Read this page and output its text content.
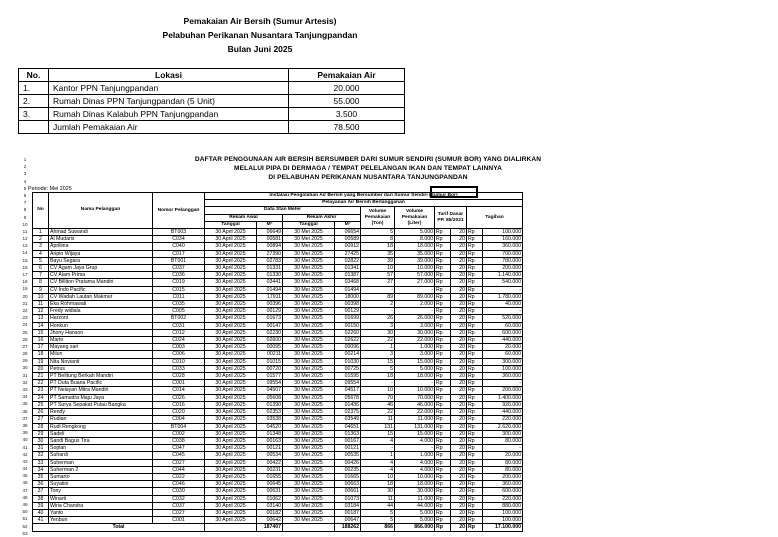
Pemakaian Air Bersih (Sumur Artesis)
Pelabuhan Perikanan Nusantara Tanjungpandan
Bulan Juni 2025
No.	Lokasi	Pemakaian Air
1.	Kantor PPN Tanjungpandan	20.000
2.	Rumah Dinas PPN Tanjungpandan (5 Unit)	55.000
3.	Rumah Dinas Kalabuh PPN Tanjungpandan	3.500
	Jumlah Pemakaian Air	78.500
1
2
3
4
5
6
7
8
9
10
11
12
13
14
15
16
17
18
19
20
21
22
23
24
25
26
27
28
29
30
31
32
33
34
35
36
37
38
39
40
41
42
43
44
45
46
47
48
49
50
51
52
53
DAFTAR PENGGUNAAN AIR BERSIH BERSUMBER DARI SUMUR SENDIRI (SUMUR BOR) YANG DIALIRKAN
MELALUI PIPA DI DERMAGA / TEMPAT PELELANGAN IKAN DAN TEMPAT LAINNYA
DI PELABUHAN PERIKANAN NUSANTARA TANJUNGPANDAN
Periode: Mei 2025
No	Nama Pelanggan	Nomor Pelanggan	Instalasi Pengolahan Air Bersih yang Bersumber dari Sumur Sendiri (Sumur Bor)									
			Pelayanan Air Bersih Berlangganan									
			Data Stan Meter				Volume Pemakaian (Ton)	Volume Pemakaian (Liter)	Tarif Dasar PP. 85/2021		Tagihan	
			Rekam Awal		Rekam Akhir							
			Tanggal	M³	Tanggal	M³						
1	Ahmad Suwandi	BT003	30 April 2025	06649	30 Mei 2025	06654	5	5.000	Rp	20	Rp	100.000
2	Al Mudaris	C034	30 April 2025	00581	30 Mei 2025	00589	8	8.000	Rp	20	Rp	160.000
3	Apriliina	C040	30 April 2025	00894	30 Mei 2025	00912	18	18.000	Rp	20	Rp	360.000
4	Aripin Wijaya	C017	30 April 2025	27390	30 Mei 2025	27425	35	35.000	Rp	20	Rp	700.000
5	Bayu Segara	BT001	30 April 2025	02783	30 Mei 2025	02822	39	39.000	Rp	20	Rp	780.000
6	CV Agam Jaya Grup	C037	30 April 2025	01331	30 Mei 2025	01341	10	10.000	Rp	20	Rp	200.000
7	CV Alam Prima	C036	30 April 2025	01330	30 Mei 2025	01387	57	57.000	Rp	20	Rp	1.140.000
8	CV Billiton Pratama Mandiri	C019	30 April 2025	03441	30 Mei 2025	03468	27	27.000	Rp	20	Rp	540.000
9	CV Indo Pacific	C015	30 April 2025	01494	30 Mei 2025	01494	-	-	Rp	20	Rp	-
10	CV Wadah Lautan Makmur	C011	30 April 2025	17911	30 Mei 2025	18000	89	89.000	Rp	20	Rp	1.780.000
11	Eka Rohmawati	C035	30 April 2025	00396	30 Mei 2025	00398	2	2.000	Rp	20	Rp	40.000
12	Fredy widiala	C005	30 April 2025	00129	30 Mei 2025	00129	-	-	Rp	20	Rp	-
13	Harzoni	BT002	30 April 2025	01673	30 Mei 2025	01699	26	26.000	Rp	20	Rp	520.000
14	Honkun	C031	30 April 2025	00147	30 Mei 2025	00150	3	3.000	Rp	20	Rp	60.000
15	Jhony Hanson	C012	30 April 2025	02230	30 Mei 2025	02260	30	30.000	Rp	20	Rp	600.000
16	Marto	C024	30 April 2025	02600	30 Mei 2025	02622	22	22.000	Rp	20	Rp	440.000
17	Mayang sari	C003	30 April 2025	00095	30 Mei 2025	00096	1	1.000	Rp	20	Rp	20.000
18	Milun	C006	30 April 2025	00211	30 Mei 2025	00214	3	3.000	Rp	20	Rp	60.000
19	Nita Novianti	C010	30 April 2025	01015	30 Mei 2025	01030	15	15.000	Rp	20	Rp	300.000
20	Petrus	C033	30 April 2025	00720	30 Mei 2025	00725	5	5.000	Rp	20	Rp	100.000
21	PT Belitung Berkah Mandiri	C028	30 April 2025	01577	30 Mei 2025	01595	18	18.000	Rp	20	Rp	360.000
22	PT Duta Buana Pacific	C001	30 April 2025	09554	30 Mei 2025	09554	-	-	Rp	20	Rp	-
23	PT Nelayan Mitra Mandiri	C014	30 April 2025	04507	30 Mei 2025	04517	10	10.000	Rp	20	Rp	200.000
24	PT Samudra Maju Jaya	C026	30 April 2025	05608	30 Mei 2025	05678	70	70.000	Rp	20	Rp	1.400.000
25	PT Surya Sepakat Pulau Bangka	C016	30 April 2025	01390	30 Mei 2025	01436	46	46.000	Rp	20	Rp	920.000
26	Rendy	C020	30 April 2025	02353	30 Mei 2025	02375	22	22.000	Rp	20	Rp	440.000
27	Rudian	C004	30 April 2025	03538	30 Mei 2025	03549	11	11.000	Rp	20	Rp	220.000
28	Rudi Rengkong	BT004	30 April 2025	04520	30 Mei 2025	04651	131	131.000	Rp	20	Rp	2.620.000
29	Sadeli	C002	30 April 2025	01348	30 Mei 2025	01363	15	15.000	Rp	20	Rp	300.000
30	Sandi Bagus Tira	C038	30 April 2025	00163	30 Mei 2025	00167	4	4.000	Rp	20	Rp	80.000
31	Soplan	C047	30 April 2025	00121	30 Mei 2025	00121	-	-	Rp	20	Rp	-
32	Suhardi	C045	30 April 2025	00534	30 Mei 2025	00535	1	1.000	Rp	20	Rp	20.000
33	Suherman	C027	30 April 2025	00422	30 Mei 2025	00426	4	4.000	Rp	20	Rp	80.000
34	Suherman 2	C044	30 April 2025	00231	30 Mei 2025	00235	4	4.000	Rp	20	Rp	80.000
35	Sumarto	C022	30 April 2025	01655	30 Mei 2025	01665	10	10.000	Rp	20	Rp	200.000
36	Suyatini	C046	30 April 2025	00645	30 Mei 2025	00663	18	18.000	Rp	20	Rp	360.000
37	Tony	C030	30 April 2025	00631	30 Mei 2025	00661	30	30.000	Rp	20	Rp	600.000
38	Winarti	C032	30 April 2025	01062	30 Mei 2025	01073	11	11.000	Rp	20	Rp	220.000
39	Wiria Chandra	C037	30 April 2025	03140	30 Mei 2025	03184	44	44.000	Rp	20	Rp	880.000
40	Yanto	C027	30 April 2025	00182	30 Mei 2025	00187	5	5.000	Rp	20	Rp	100.000
41	Yenbun	C001	30 April 2025	00642	30 Mei 2025	00647	5	5.000	Rp	20	Rp	100.000
Total				187407		188262	866	866.000	Rp	20	Rp	17.100.000
